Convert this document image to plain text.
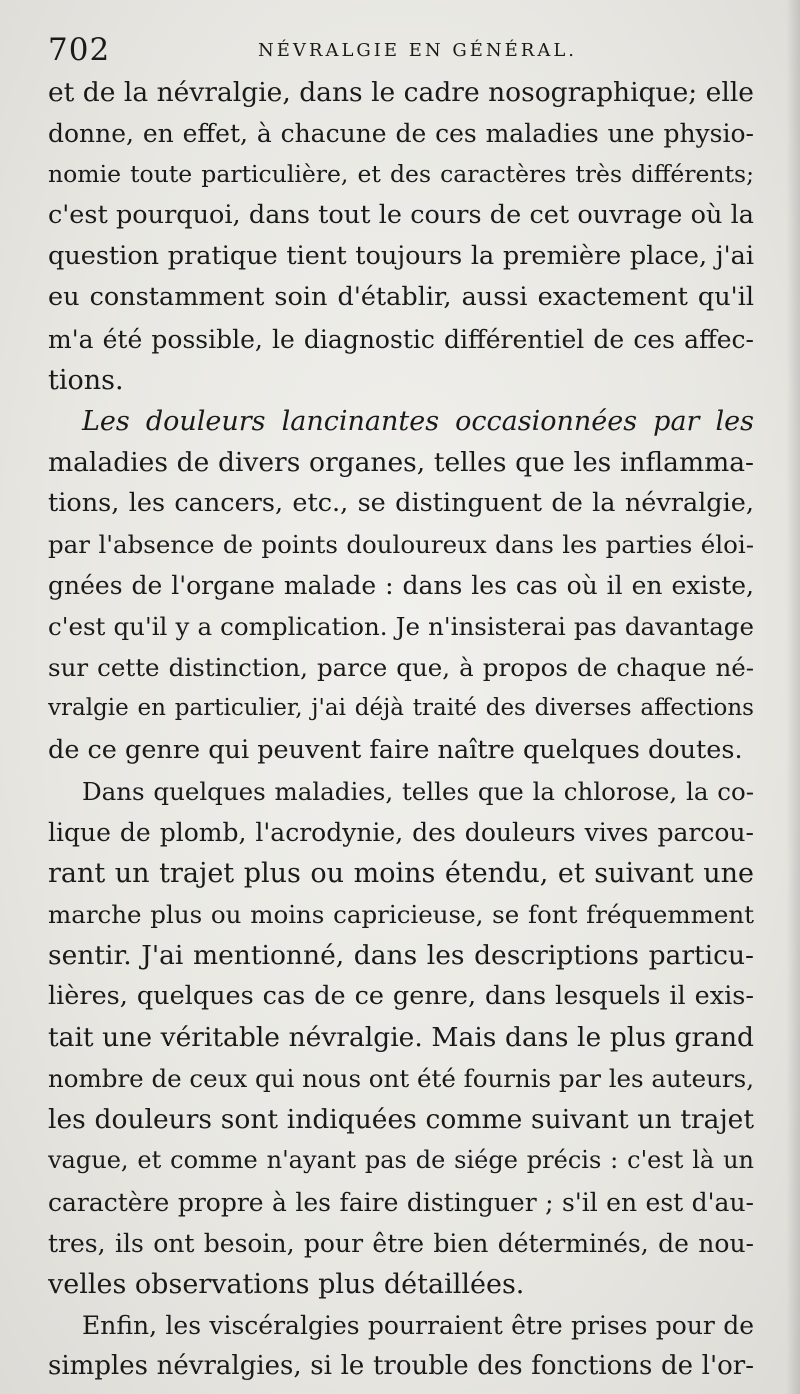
702	NÉVRALGIE EN GÉNÉRAL.
et de la névralgie, dans le cadre nosographique; elle
donne, en effet, à chacune de ces maladies une physio-
nomie toute particulière, et des caractères très différents;
c'est pourquoi, dans tout le cours de cet ouvrage où la
question pratique tient toujours la première place, j'ai
eu constamment soin d'établir, aussi exactement qu'il
m'a été possible, le diagnostic différentiel de ces affec-
tions.
Les douleurs lancinantes occasionnées par les
maladies de divers organes, telles que les inflamma-
tions, les cancers, etc., se distinguent de la névralgie,
par l'absence de points douloureux dans les parties éloi-
gnées de l'organe malade : dans les cas où il en existe,
c'est qu'il y a complication. Je n'insisterai pas davantage
sur cette distinction, parce que, à propos de chaque né-
vralgie en particulier, j'ai déjà traité des diverses affections
de ce genre qui peuvent faire naître quelques doutes.
Dans quelques maladies, telles que la chlorose, la co-
lique de plomb, l'acrodynie, des douleurs vives parcou-
rant un trajet plus ou moins étendu, et suivant une
marche plus ou moins capricieuse, se font fréquemment
sentir. J'ai mentionné, dans les descriptions particu-
lières, quelques cas de ce genre, dans lesquels il exis-
tait une véritable névralgie. Mais dans le plus grand
nombre de ceux qui nous ont été fournis par les auteurs,
les douleurs sont indiquées comme suivant un trajet
vague, et comme n'ayant pas de siége précis : c'est là un
caractère propre à les faire distinguer ; s'il en est d'au-
tres, ils ont besoin, pour être bien déterminés, de nou-
velles observations plus détaillées.
Enfin, les viscéralgies pourraient être prises pour de
simples névralgies, si le trouble des fonctions de l'or-
